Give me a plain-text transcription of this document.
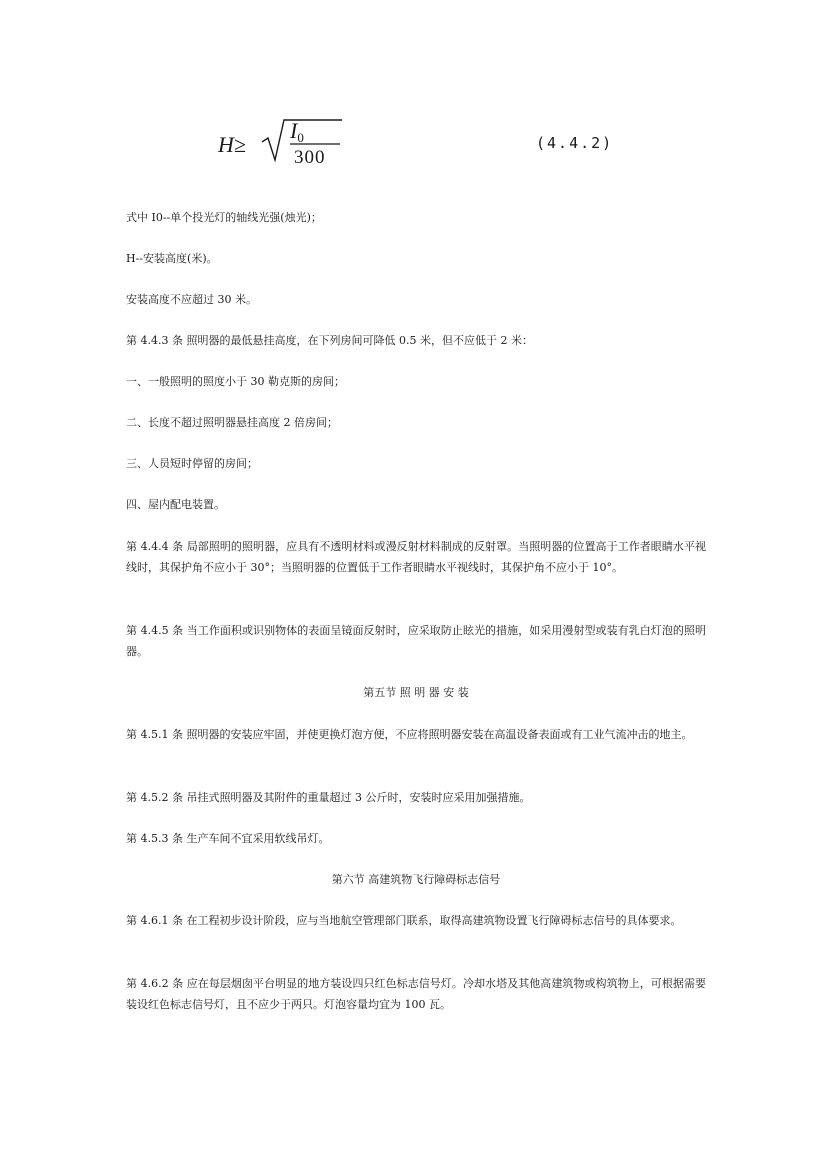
H≥
I0
300
(4.4.2)

式中 I0--单个投光灯的轴线光强(烛光)；

H--安装高度(米)。

安装高度不应超过 30 米。

第 4.4.3 条 照明器的最低悬挂高度，在下列房间可降低 0.5 米，但不应低于 2 米：

一、一般照明的照度小于 30 勒克斯的房间；

二、长度不超过照明器悬挂高度 2 倍房间；

三、人员短时停留的房间；

四、屋内配电装置。

第 4.4.4 条 局部照明的照明器，应具有不透明材料或漫反射材料制成的反射罩。当照明器的位置高于工作者眼睛水平视线时，其保护角不应小于 30°；当照明器的位置低于工作者眼睛水平视线时，其保护角不应小于 10°。

第 4.4.5 条 当工作面积或识别物体的表面呈镜面反射时，应采取防止眩光的措施，如采用漫射型或装有乳白灯泡的照明器。

第五节 照 明 器 安 装

第 4.5.1 条 照明器的安装应牢固，并使更换灯泡方便，不应将照明器安装在高温设备表面或有工业气流冲击的地主。

第 4.5.2 条 吊挂式照明器及其附件的重量超过 3 公斤时，安装时应采用加强措施。

第 4.5.3 条 生产车间不宜采用软线吊灯。

第六节 高建筑物飞行障碍标志信号

第 4.6.1 条 在工程初步设计阶段，应与当地航空管理部门联系，取得高建筑物设置飞行障碍标志信号的具体要求。

第 4.6.2 条 应在每层烟囱平台明显的地方装设四只红色标志信号灯。冷却水塔及其他高建筑物或构筑物上，可根据需要装设红色标志信号灯，且不应少于两只。灯泡容量均宜为 100 瓦。
